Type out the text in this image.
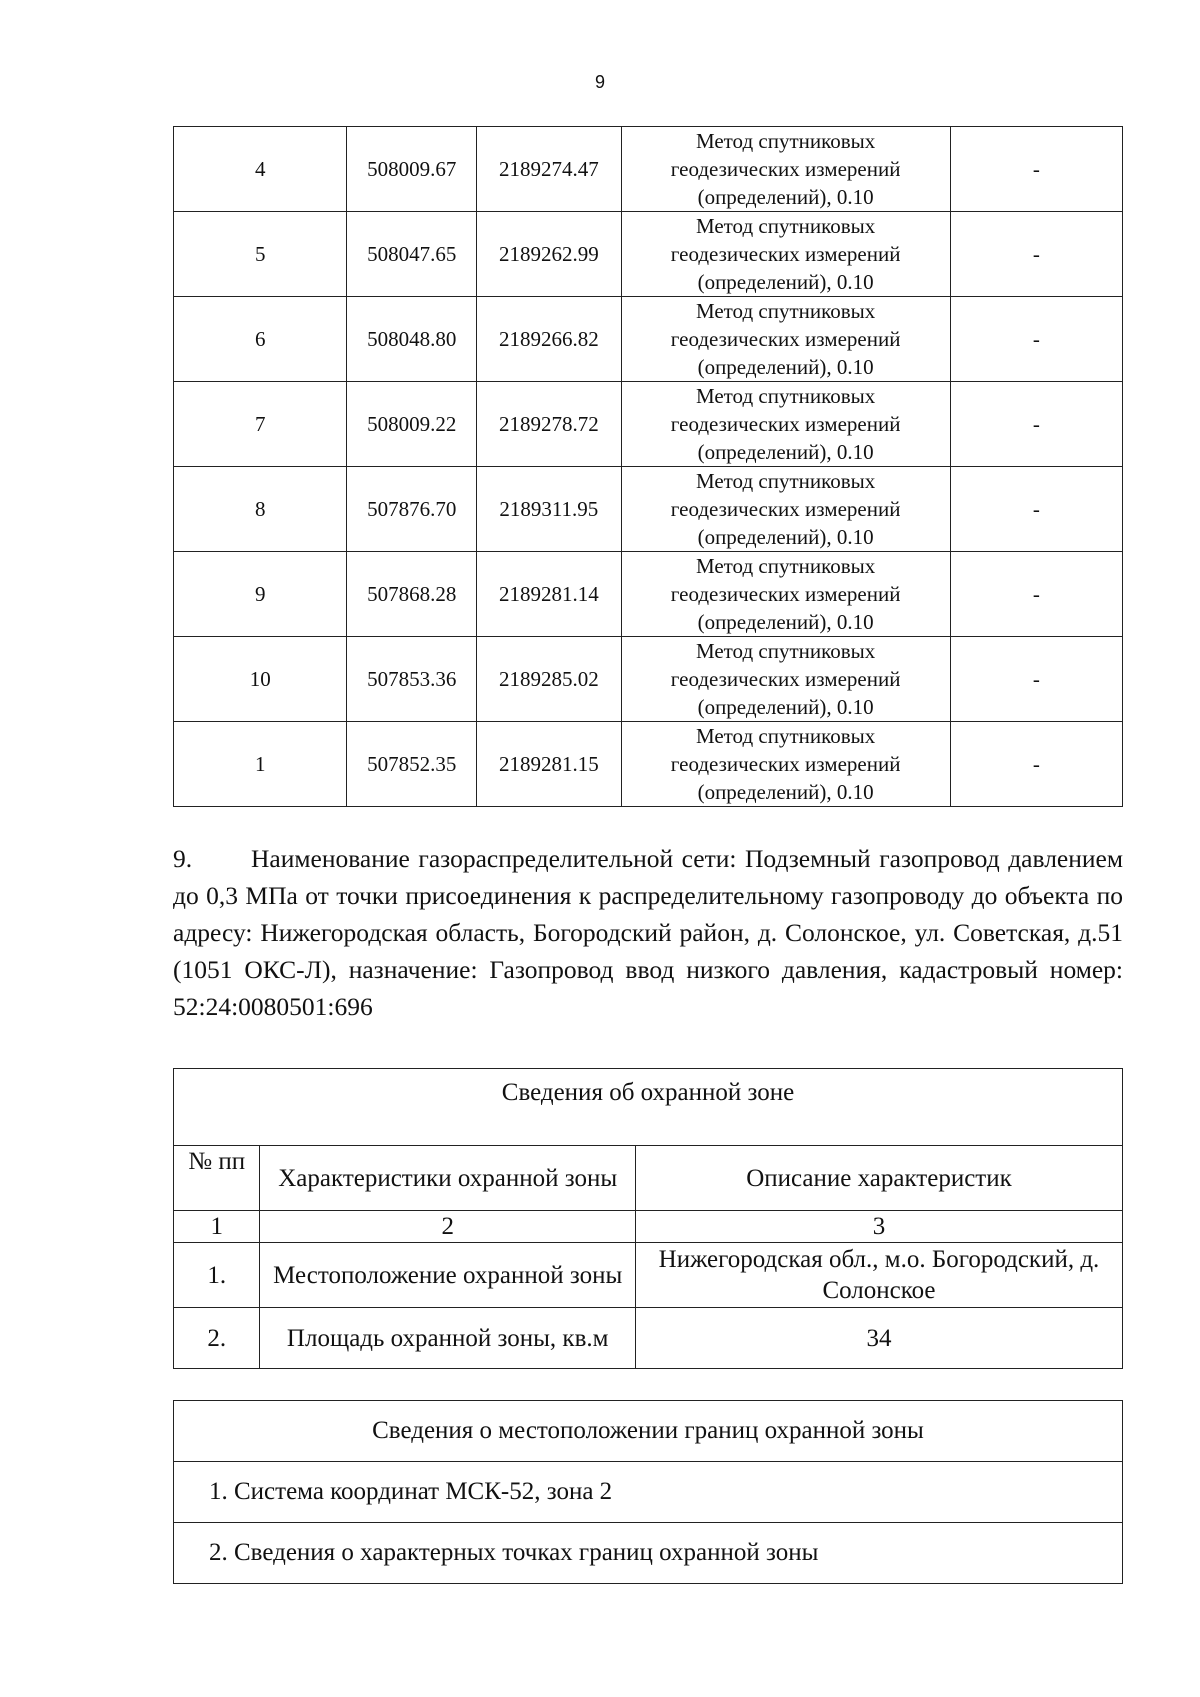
9
4	508009.67	2189274.47	Метод спутниковых
геодезических измерений
(определений), 0.10	-
5	508047.65	2189262.99	Метод спутниковых
геодезических измерений
(определений), 0.10	-
6	508048.80	2189266.82	Метод спутниковых
геодезических измерений
(определений), 0.10	-
7	508009.22	2189278.72	Метод спутниковых
геодезических измерений
(определений), 0.10	-
8	507876.70	2189311.95	Метод спутниковых
геодезических измерений
(определений), 0.10	-
9	507868.28	2189281.14	Метод спутниковых
геодезических измерений
(определений), 0.10	-
10	507853.36	2189285.02	Метод спутниковых
геодезических измерений
(определений), 0.10	-
1	507852.35	2189281.15	Метод спутниковых
геодезических измерений
(определений), 0.10	-

9. Наименование газораспределительной сети: Подземный газопровод давлением до 0,3 МПа от точки присоединения к распределительному газопроводу до объекта по адресу: Нижегородская область, Богородский район, д. Солонское, ул. Советская, д.51 (1051 ОКС-Л), назначение: Газопровод ввод низкого давления, кадастровый номер: 52:24:0080501:696

Сведения об охранной зоне		
№ пп	Характеристики охранной зоны	Описание характеристик
1	2	3
1.	Местоположение охранной зоны	Нижегородская обл., м.о. Богородский, д. Солонское
2.	Площадь охранной зоны, кв.м	34
Сведения о местоположении границ охранной зоны
1. Система координат МСК-52, зона 2
2. Сведения о характерных точках границ охранной зоны
